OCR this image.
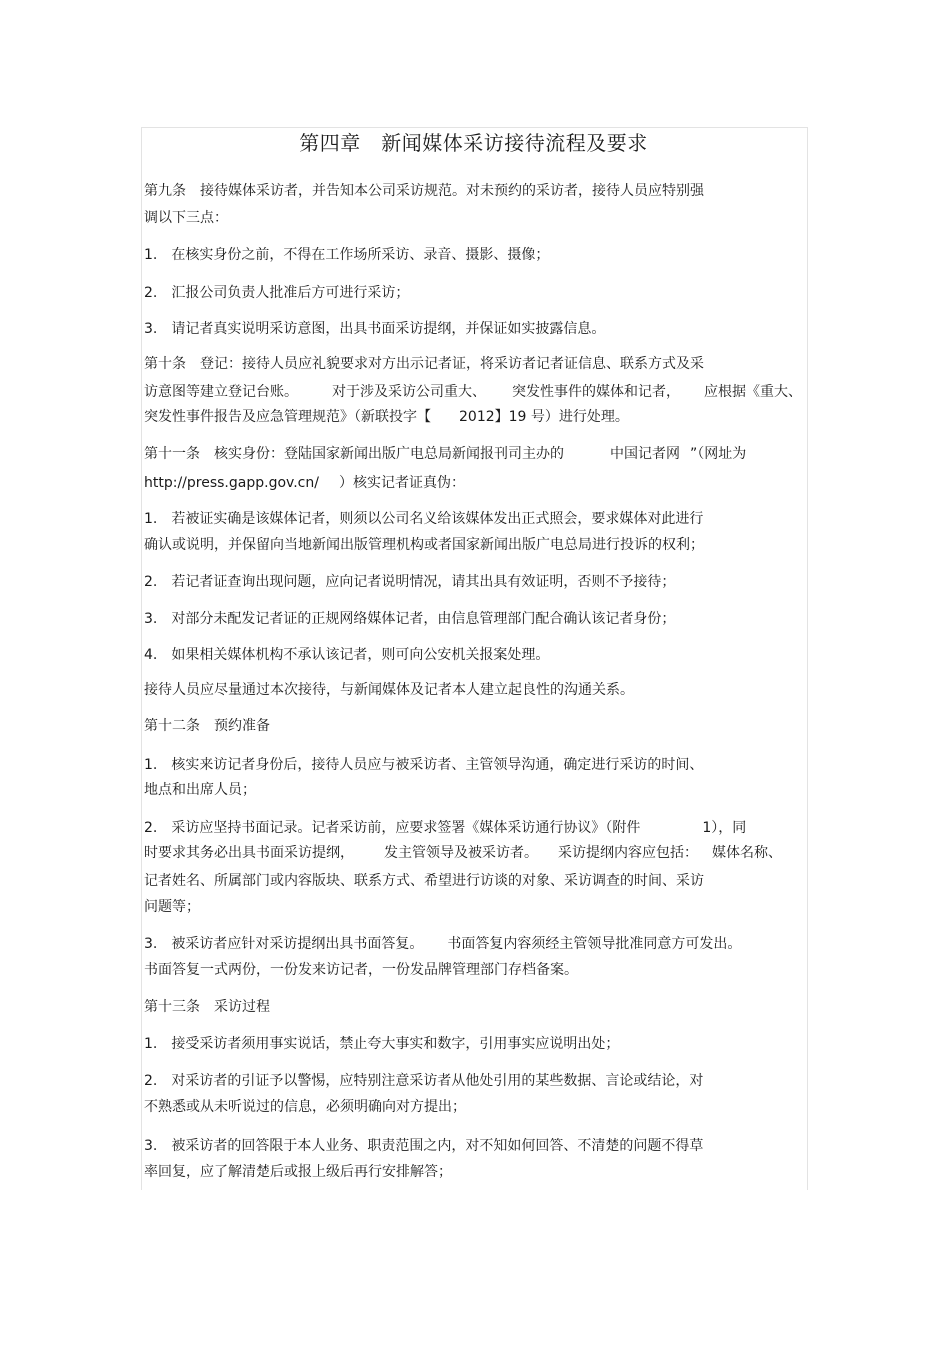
第四章　新闻媒体采访接待流程及要求
第九条　接待媒体采访者，并告知本公司采访规范。对未预约的采访者，接待人员应特别强
调以下三点：
1.　在核实身份之前，不得在工作场所采访、录音、摄影、摄像；
2.　汇报公司负责人批准后方可进行采访；
3.　请记者真实说明采访意图，出具书面采访提纲，并保证如实披露信息。
第十条　登记：接待人员应礼貌要求对方出示记者证，将采访者记者证信息、联系方式及采
访意图等建立登记台账。 对于涉及采访公司重大、 突发性事件的媒体和记者， 应根据《重大、
突发性事件报告及应急管理规范》（新联投字【 2012】19 号）进行处理。
第十一条　核实身份：登陆国家新闻出版广电总局新闻报刊司主办的	中国记者网 ”（网址为
http://press.gapp.gov.cn/ ）核实记者证真伪：
1.　若被证实确是该媒体记者，则须以公司名义给该媒体发出正式照会，要求媒体对此进行
确认或说明，并保留向当地新闻出版管理机构或者国家新闻出版广电总局进行投诉的权利；
2.　若记者证查询出现问题，应向记者说明情况，请其出具有效证明，否则不予接待；
3.　对部分未配发记者证的正规网络媒体记者，由信息管理部门配合确认该记者身份；
4.　如果相关媒体机构不承认该记者，则可向公安机关报案处理。
接待人员应尽量通过本次接待，与新闻媒体及记者本人建立起良性的沟通关系。
第十二条　预约准备
1.　核实来访记者身份后，接待人员应与被采访者、主管领导沟通，确定进行采访的时间、
地点和出席人员；
2.　采访应坚持书面记录。记者采访前，应要求签署《媒体采访通行协议》（附件	1），同
时要求其务必出具书面采访提纲， 发主管领导及被采访者。 采访提纲内容应包括： 媒体名称、
记者姓名、所属部门或内容版块、联系方式、希望进行访谈的对象、采访调查的时间、采访
问题等；
3.　被采访者应针对采访提纲出具书面答复。 书面答复内容须经主管领导批准同意方可发出。
书面答复一式两份，一份发来访记者，一份发品牌管理部门存档备案。
第十三条　采访过程
1.　接受采访者须用事实说话，禁止夸大事实和数字，引用事实应说明出处；
2.　对采访者的引证予以警惕，应特别注意采访者从他处引用的某些数据、言论或结论，对
不熟悉或从未听说过的信息，必须明确向对方提出；
3.　被采访者的回答限于本人业务、职责范围之内，对不知如何回答、不清楚的问题不得草
率回复，应了解清楚后或报上级后再行安排解答；
